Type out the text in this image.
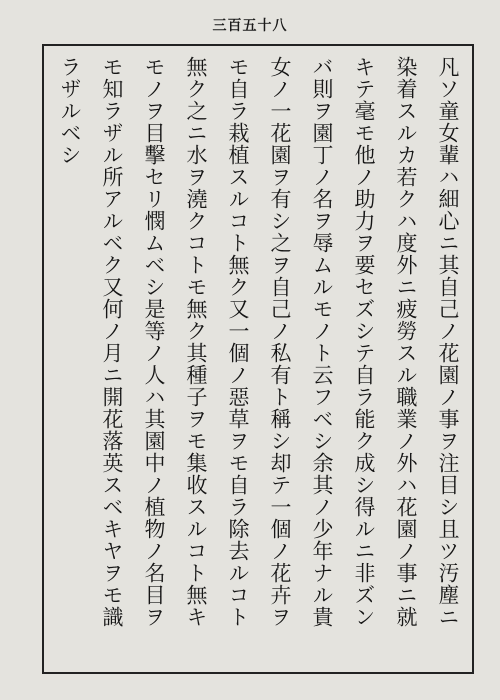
三百五十八
凡ソ童女輩ハ細心ニ其自己ノ花園ノ事ヲ注目シ且ツ汚塵ニ
染着スルカ若クハ度外ニ疲勞スル職業ノ外ハ花園ノ事ニ就
キテ毫モ他ノ助力ヲ要セズシテ自ラ能ク成シ得ルニ非ズン
バ則ヲ園丁ノ名ヲ辱ムルモノト云フベシ余其ノ少年ナル貴
女ノ一花園ヲ有シ之ヲ自己ノ私有ト稱シ却テ一個ノ花卉ヲ
モ自ラ栽植スルコト無ク又一個ノ惡草ヲモ自ラ除去ルコト
無ク之ニ水ヲ澆クコトモ無ク其種子ヲモ集收スルコト無キ
モノヲ目擊セリ憫ムベシ是等ノ人ハ其園中ノ植物ノ名目ヲ
モ知ラザル所アルベク又何ノ月ニ開花落英スベキヤヲモ識
ラザルベシ
